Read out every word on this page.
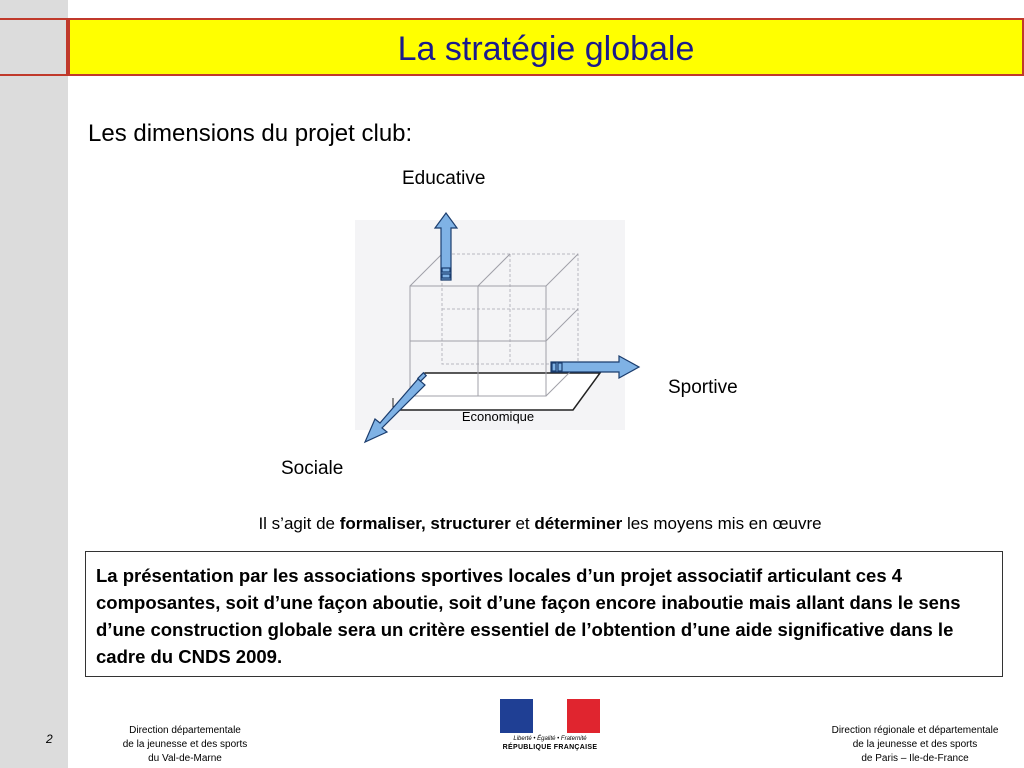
La stratégie globale
Les dimensions du projet club:
Educative
Sportive
Sociale
Economique
Il s’agit de formaliser, structurer et déterminer les moyens mis en œuvre
La présentation par les associations sportives locales d’un projet associatif articulant ces 4 composantes, soit d’une façon aboutie, soit d’une façon encore inaboutie mais allant dans le sens d’une construction globale sera un critère essentiel de l’obtention d’une aide significative dans le cadre du CNDS 2009.
2
Direction départementale
de la jeunesse et des sports
du Val-de-Marne
Liberté • Égalité • Fraternité
RÉPUBLIQUE FRANÇAISE
Direction régionale et départementale
de la jeunesse et des sports
de Paris – Ile-de-France
